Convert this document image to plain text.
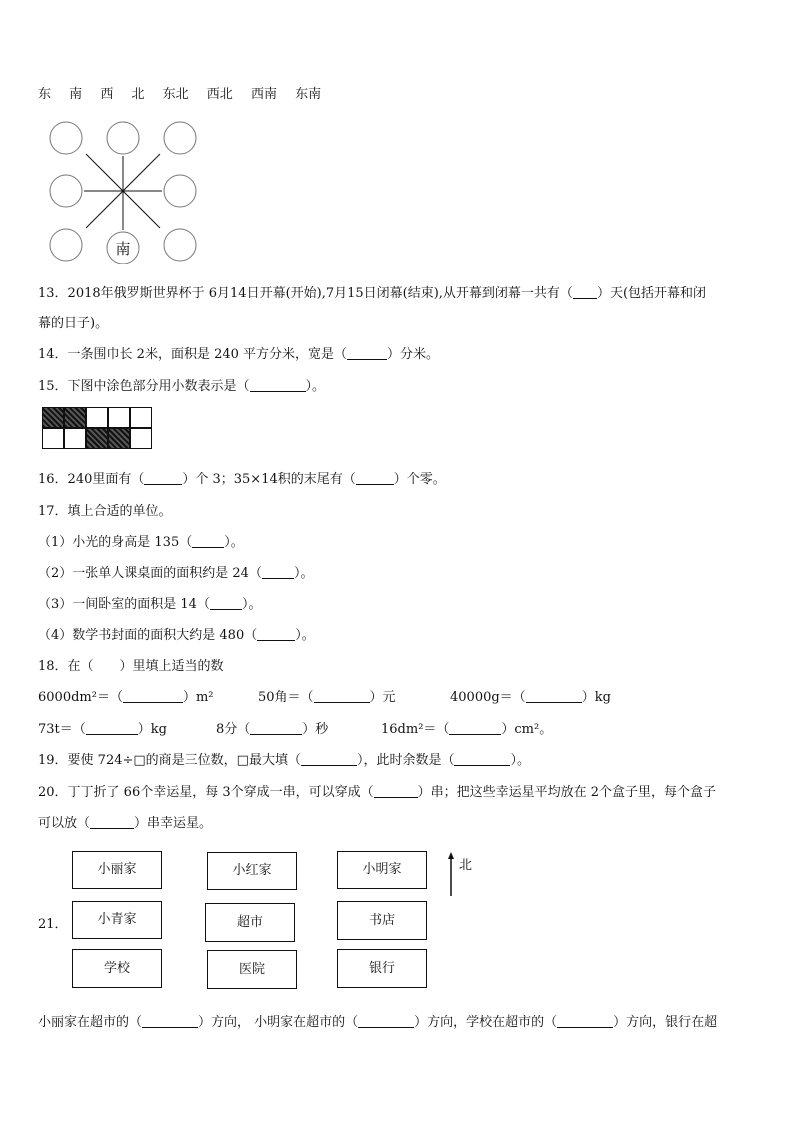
东 南 西 北 东北 西北 西南 东南
南
13．2018年俄罗斯世界杯于 6月14日开幕(开始),7月15日闭幕(结束),从开幕到闭幕一共有（ ）天(包括开幕和闭
幕的日子)。
14．一条围巾长 2米，面积是 240 平方分米，宽是（	）分米。
15．下图中涂色部分用小数表示是（	）。
16．240里面有（	）个 3；35×14积的末尾有（	）个零。
17．填上合适的单位。
（1）小光的身高是 135（ ）。
（2）一张单人课桌面的面积约是 24（ ）。
（3）一间卧室的面积是 14（ ）。
（4）数学书封面的面积大约是 480（	）。
18．在（　　）里填上适当的数
6000dm²＝（	）m²	50角＝（	）元	40000g＝（	）kg
73t＝（	）kg	8分（	）秒	16dm²＝（	）cm²。
19．要使 724÷□的商是三位数，□最大填（	），此时余数是（	）。
20．丁丁折了 66个幸运星，每 3个穿成一串，可以穿成（	）串；把这些幸运星平均放在 2个盒子里，每个盒子
可以放（	）串幸运星。
21．
小丽家	小红家	小明家
小青家	超市	书店
学校	医院	银行
北
小丽家在超市的（	）方向， 小明家在超市的（	）方向，学校在超市的（	）方向，银行在超
